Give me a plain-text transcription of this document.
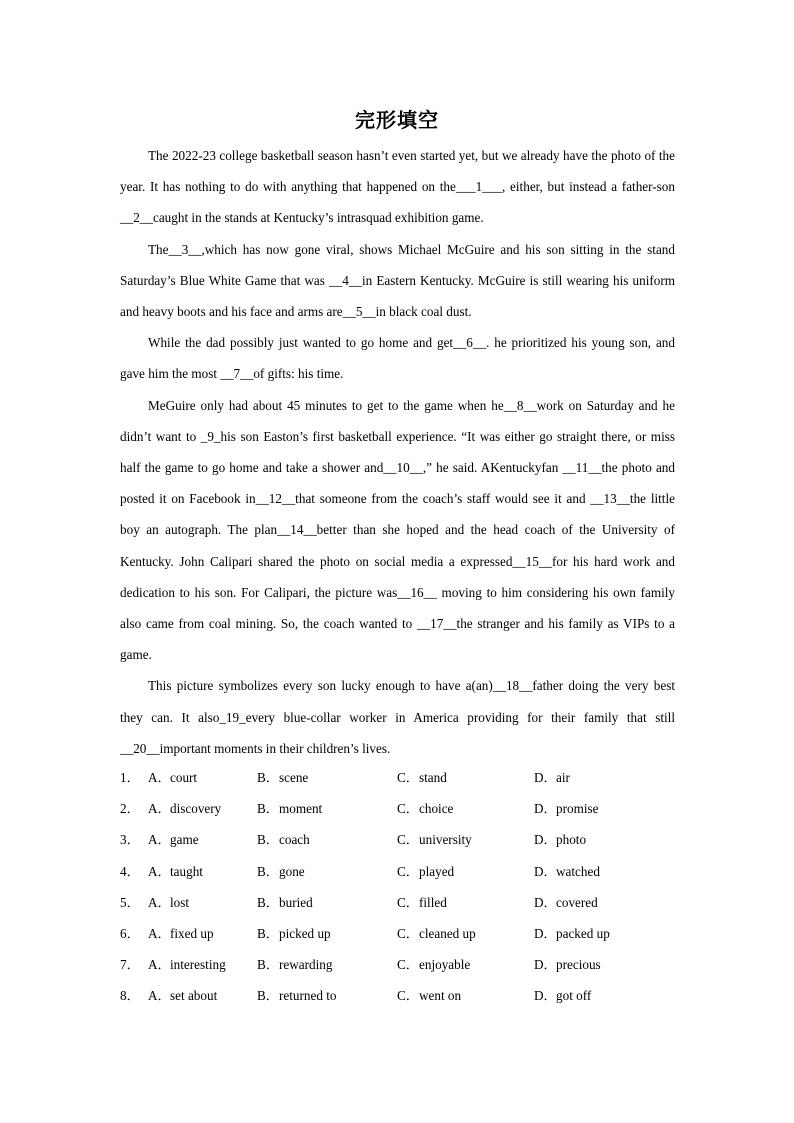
完形填空

The 2022-23 college basketball season hasn’t even started yet, but we already have the photo of the year. It has nothing to do with anything that happened on the___1___, either, but instead a father-son __2__caught in the stands at Kentucky’s intrasquad exhibition game.

The__3__,which has now gone viral, shows Michael McGuire and his son sitting in the stand Saturday’s Blue White Game that was __4__in Eastern Kentucky. McGuire is still wearing his uniform and heavy boots and his face and arms are__5__in black coal dust.

While the dad possibly just wanted to go home and get__6__. he prioritized his young son, and gave him the most __7__of gifts: his time.

MeGuire only had about 45 minutes to get to the game when he__8__work on Saturday and he didn’t want to _9_his son Easton’s first basketball experience. “It was either go straight there, or miss half the game to go home and take a shower and__10__,” he said. AKentuckyfan __11__the photo and posted it on Facebook in__12__that someone from the coach’s staff would see it and __13__the little boy an autograph. The plan__14__better than she hoped and the head coach of the University of Kentucky. John Calipari shared the photo on social media a expressed__15__for his hard work and dedication to his son. For Calipari, the picture was__16__ moving to him considering his own family also came from coal mining. So, the coach wanted to __17__the stranger and his family as VIPs to a game.

This picture symbolizes every son lucky enough to have a(an)__18__father doing the very best they can. It also_19_every blue-collar worker in America providing for their family that still __20__important moments in their children’s lives.

1． A．court	B．scene	C．stand	D．air
2． A．discovery	B．moment	C．choice	D．promise
3． A．game	B．coach	C．university	D．photo
4． A．taught	B．gone	C．played	D．watched
5． A．lost	B．buried	C．filled	D．covered
6． A．fixed up	B．picked up	C．cleaned up	D．packed up
7． A．interesting B．rewarding	C．enjoyable	D．precious
8． A．set about	B．returned to	C．went on	D．got off
